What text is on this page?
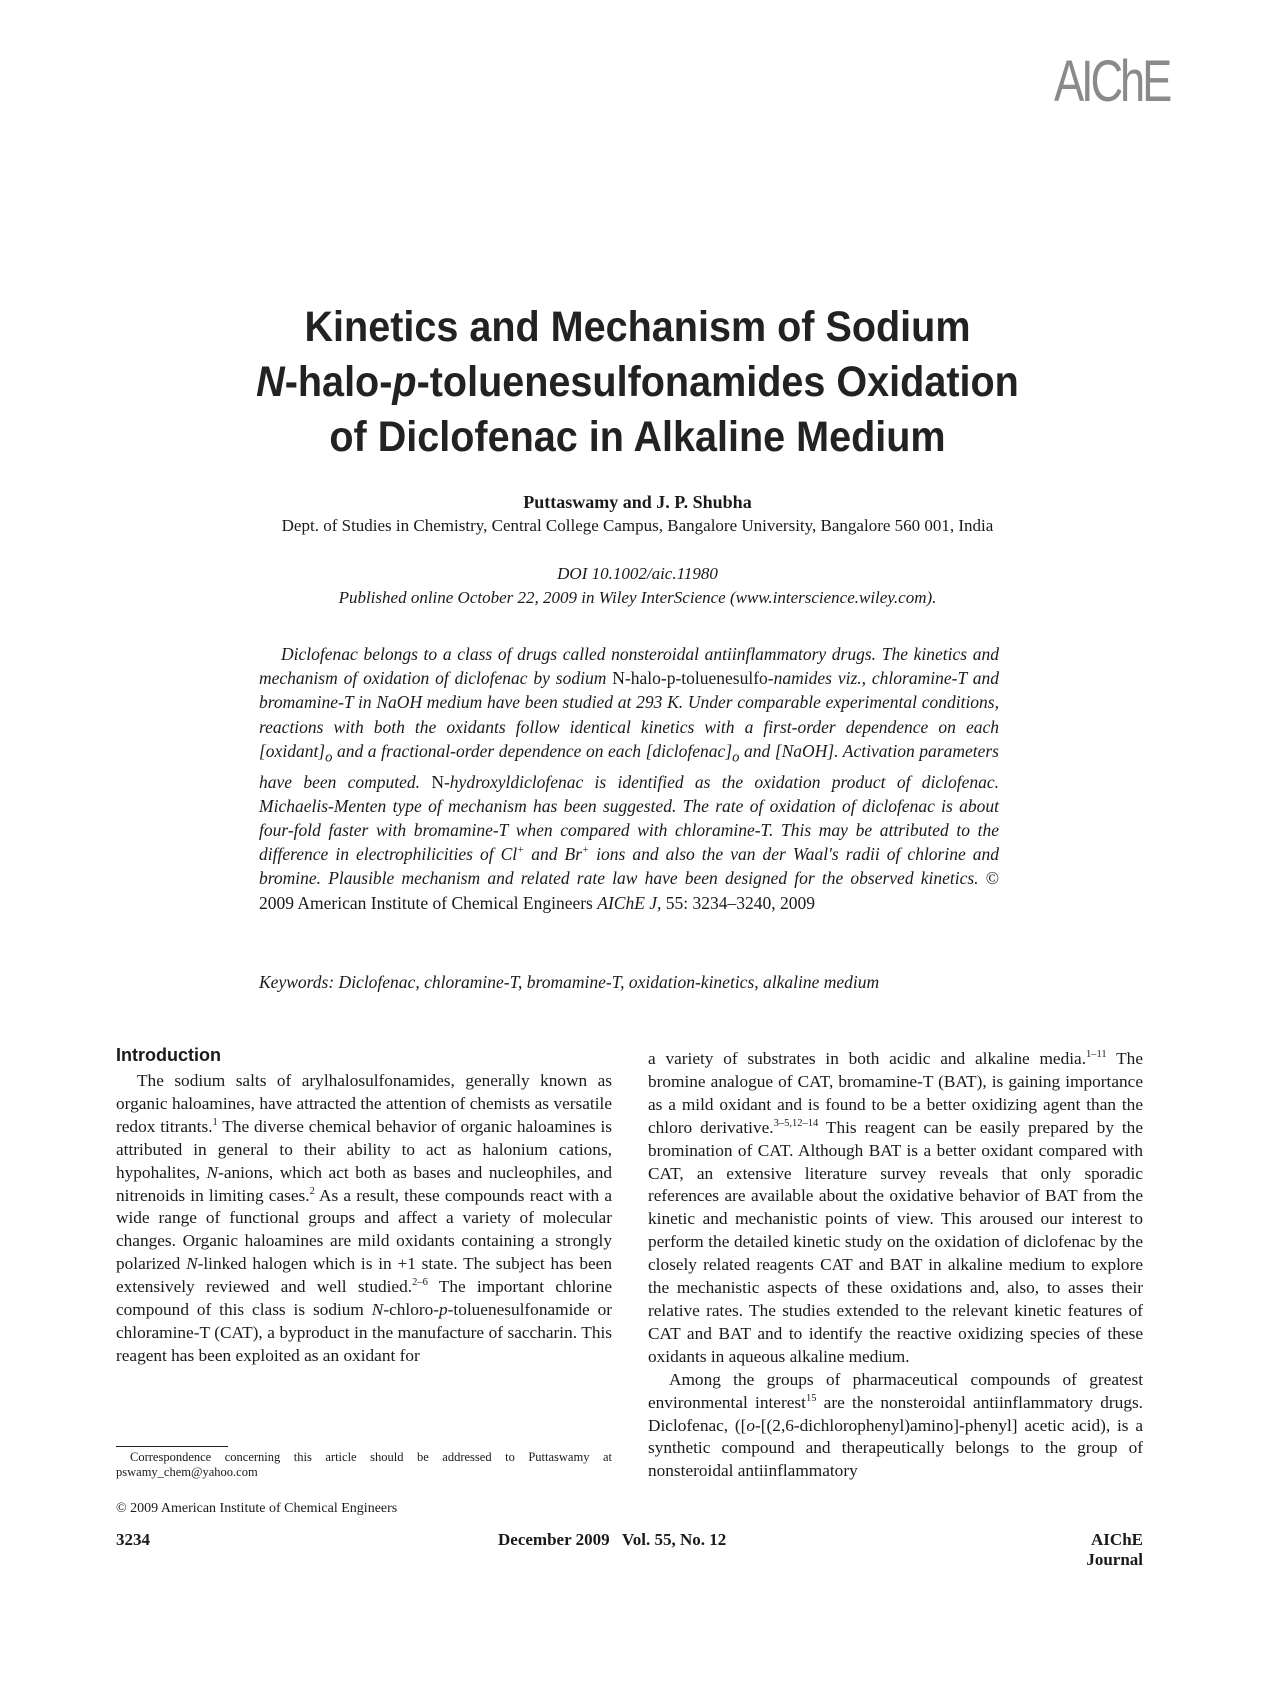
AIChE
Kinetics and Mechanism of Sodium
N-halo-p-toluenesulfonamides Oxidation
of Diclofenac in Alkaline Medium
Puttaswamy and J. P. Shubha
Dept. of Studies in Chemistry, Central College Campus, Bangalore University, Bangalore 560 001, India
DOI 10.1002/aic.11980
Published online October 22, 2009 in Wiley InterScience (www.interscience.wiley.com).

Diclofenac belongs to a class of drugs called nonsteroidal antiinflammatory drugs. The kinetics and mechanism of oxidation of diclofenac by sodium N-halo-p-toluenesulfo-namides viz., chloramine-T and bromamine-T in NaOH medium have been studied at 293 K. Under comparable experimental conditions, reactions with both the oxidants follow identical kinetics with a first-order dependence on each $[oxidant]_o$ and a fractional-order dependence on each $[diclofenac]_o$ and [NaOH]. Activation parameters have been computed. N-hydroxyldiclofenac is identified as the oxidation product of diclofenac. Michaelis-Menten type of mechanism has been suggested. The rate of oxidation of diclofenac is about four-fold faster with bromamine-T when compared with chloramine-T. This may be attributed to the difference in electrophilicities of Cl+ and Br+ ions and also the van der Waal's radii of chlorine and bromine. Plausible mechanism and related rate law have been designed for the observed kinetics. © 2009 American Institute of Chemical Engineers AIChE J, 55: 3234–3240, 2009

Keywords: Diclofenac, chloramine-T, bromamine-T, oxidation-kinetics, alkaline medium

Introduction

The sodium salts of arylhalosulfonamides, generally known as organic haloamines, have attracted the attention of chemists as versatile redox titrants.$^1$ The diverse chemical behavior of organic haloamines is attributed in general to their ability to act as halonium cations, hypohalites, N-anions, which act both as bases and nucleophiles, and nitrenoids in limiting cases.$^2$ As a result, these compounds react with a wide range of functional groups and affect a variety of molecular changes. Organic haloamines are mild oxidants containing a strongly polarized N-linked halogen which is in +1 state. The subject has been extensively reviewed and well studied.$^{2-6}$ The important chlorine compound of this class is sodium N-chloro-p-toluenesulfonamide or chloramine-T (CAT), a byproduct in the manufacture of saccharin. This reagent has been exploited as an oxidant for

a variety of substrates in both acidic and alkaline media.$^{1-11}$ The bromine analogue of CAT, bromamine-T (BAT), is gaining importance as a mild oxidant and is found to be a better oxidizing agent than the chloro derivative.$^{3-5,12-14}$ This reagent can be easily prepared by the bromination of CAT. Although BAT is a better oxidant compared with CAT, an extensive literature survey reveals that only sporadic references are available about the oxidative behavior of BAT from the kinetic and mechanistic points of view. This aroused our interest to perform the detailed kinetic study on the oxidation of diclofenac by the closely related reagents CAT and BAT in alkaline medium to explore the mechanistic aspects of these oxidations and, also, to asses their relative rates. The studies extended to the relevant kinetic features of CAT and BAT and to identify the reactive oxidizing species of these oxidants in aqueous alkaline medium.

Among the groups of pharmaceutical compounds of greatest environmental interest$^{15}$ are the nonsteroidal antiinflammatory drugs. Diclofenac, ([o-[(2,6-dichlorophenyl)amino]-phenyl] acetic acid), is a synthetic compound and therapeutically belongs to the group of nonsteroidal antiinflammatory

Correspondence concerning this article should be addressed to Puttaswamy at pswamy_chem@yahoo.com

© 2009 American Institute of Chemical Engineers
3234	December 2009   Vol. 55, No. 12	AIChE Journal
